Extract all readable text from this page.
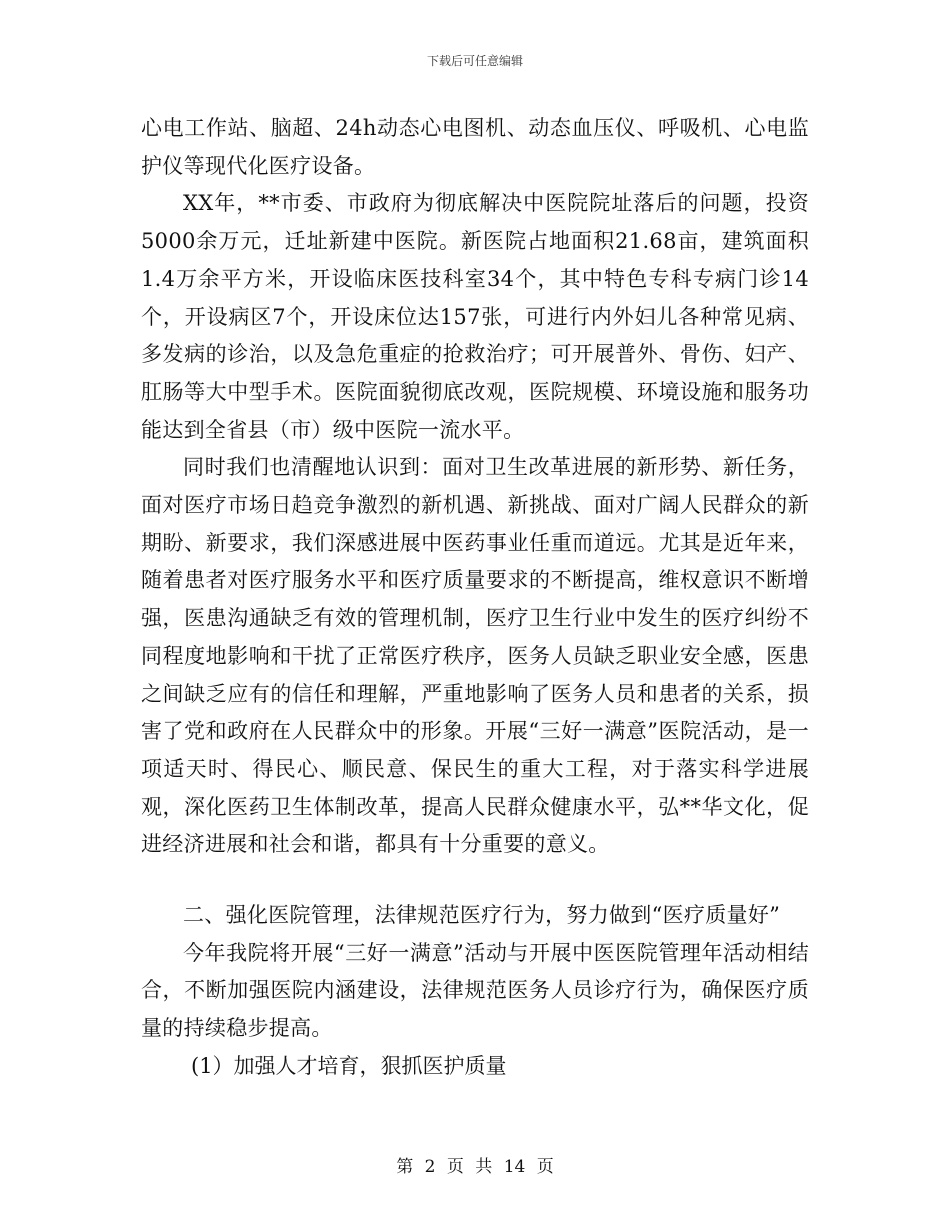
下载后可任意编辑

心电工作站、脑超、24h动态心电图机、动态血压仪、呼吸机、心电监护仪等现代化医疗设备。

XX年，**市委、市政府为彻底解决中医院院址落后的问题，投资5000余万元，迁址新建中医院。新医院占地面积21.68亩，建筑面积1.4万余平方米，开设临床医技科室34个，其中特色专科专病门诊14个，开设病区7个，开设床位达157张，可进行内外妇儿各种常见病、多发病的诊治，以及急危重症的抢救治疗；可开展普外、骨伤、妇产、肛肠等大中型手术。医院面貌彻底改观，医院规模、环境设施和服务功能达到全省县（市）级中医院一流水平。

同时我们也清醒地认识到：面对卫生改革进展的新形势、新任务，面对医疗市场日趋竞争激烈的新机遇、新挑战、面对广阔人民群众的新期盼、新要求，我们深感进展中医药事业任重而道远。尤其是近年来，随着患者对医疗服务水平和医疗质量要求的不断提高，维权意识不断增强，医患沟通缺乏有效的管理机制，医疗卫生行业中发生的医疗纠纷不同程度地影响和干扰了正常医疗秩序，医务人员缺乏职业安全感，医患之间缺乏应有的信任和理解，严重地影响了医务人员和患者的关系，损害了党和政府在人民群众中的形象。开展“三好一满意”医院活动，是一项适天时、得民心、顺民意、保民生的重大工程，对于落实科学进展观，深化医药卫生体制改革，提高人民群众健康水平，弘**华文化，促进经济进展和社会和谐，都具有十分重要的意义。

二、强化医院管理，法律规范医疗行为，努力做到“医疗质量好”

今年我院将开展“三好一满意”活动与开展中医医院管理年活动相结合，不断加强医院内涵建设，法律规范医务人员诊疗行为，确保医疗质量的持续稳步提高。

(1）加强人才培育，狠抓医护质量

第 2 页 共 14 页
